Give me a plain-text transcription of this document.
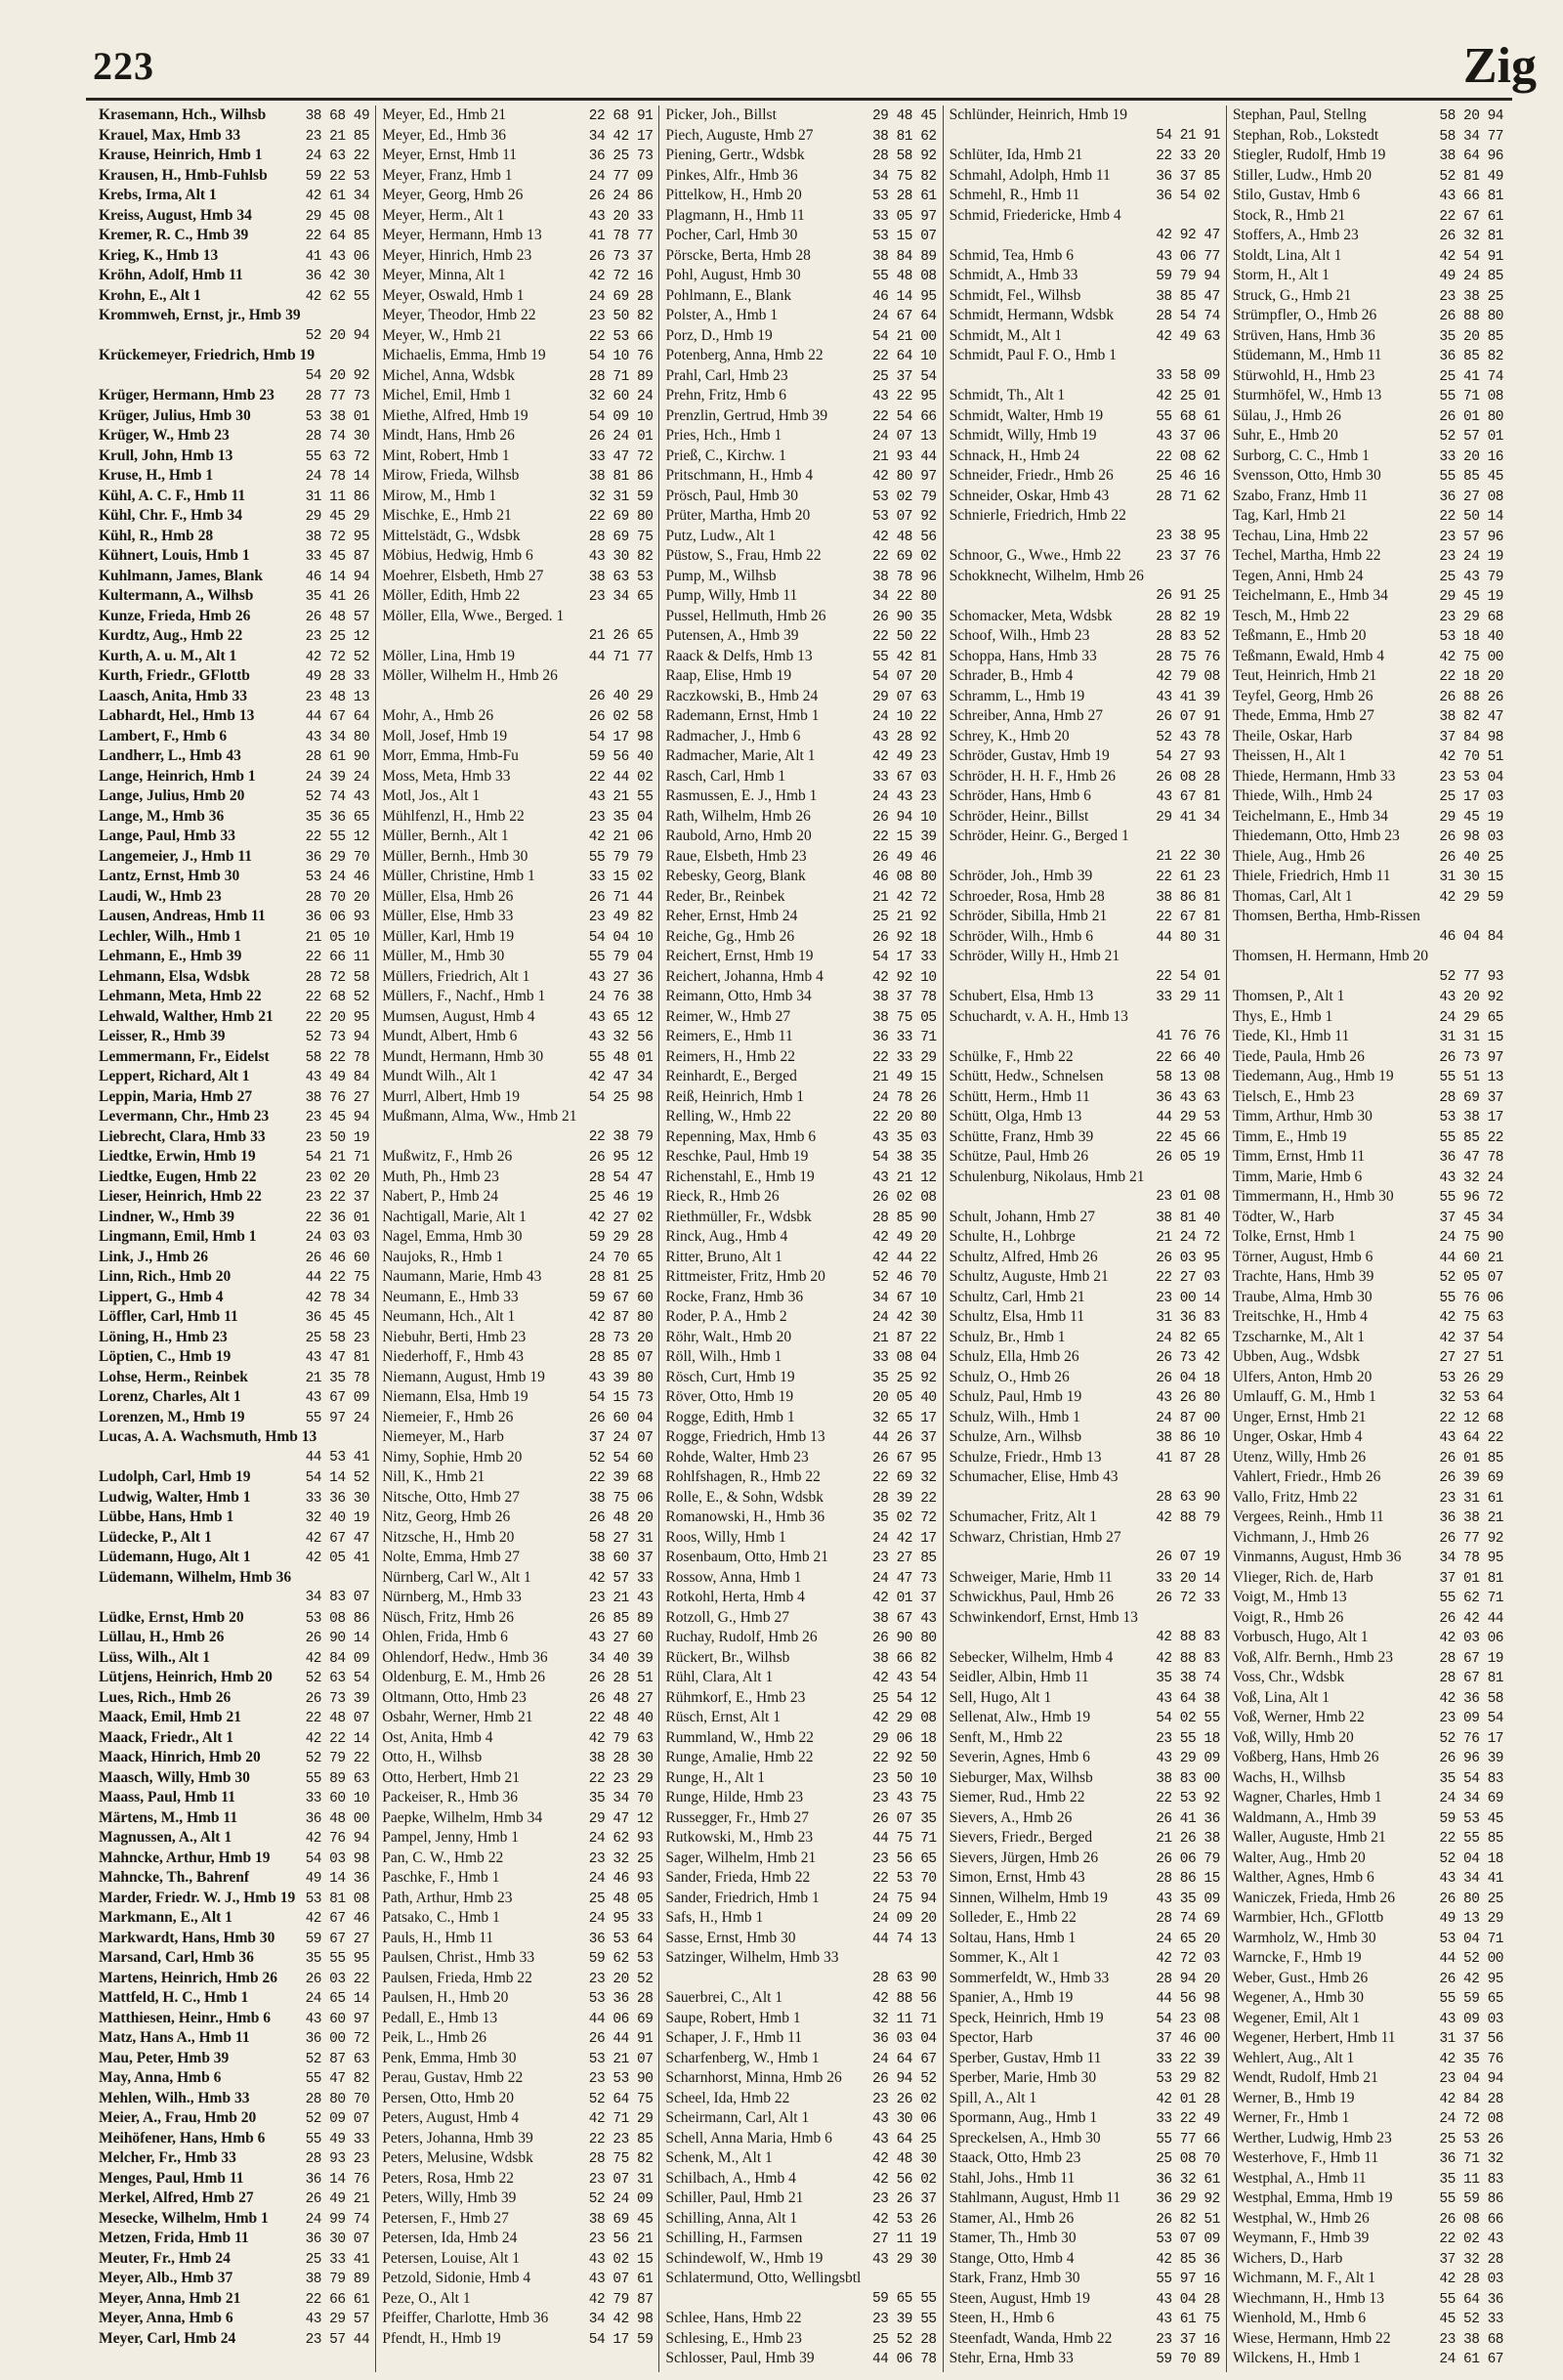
223	Zig
Krasemann, Hch., Wilhsb	38 68 49
Krauel, Max, Hmb 33	23 21 85
Krause, Heinrich, Hmb 1	24 63 22
Krausen, H., Hmb-Fuhlsb	59 22 53
Krebs, Irma, Alt 1	42 61 34
Kreiss, August, Hmb 34	29 45 08
Kremer, R. C., Hmb 39	22 64 85
Krieg, K., Hmb 13	41 43 06
Kröhn, Adolf, Hmb 11	36 42 30
Krohn, E., Alt 1	42 62 55
Krommweh, Ernst, jr., Hmb 39
52 20 94
Krückemeyer, Friedrich, Hmb 19
54 20 92
Krüger, Hermann, Hmb 23	28 77 73
Krüger, Julius, Hmb 30	53 38 01
Krüger, W., Hmb 23	28 74 30
Krull, John, Hmb 13	55 63 72
Kruse, H., Hmb 1	24 78 14
Kühl, A. C. F., Hmb 11	31 11 86
Kühl, Chr. F., Hmb 34	29 45 29
Kühl, R., Hmb 28	38 72 95
Kühnert, Louis, Hmb 1	33 45 87
Kuhlmann, James, Blank	46 14 94
Kultermann, A., Wilhsb	35 41 26
Kunze, Frieda, Hmb 26	26 48 57
Kurdtz, Aug., Hmb 22	23 25 12
Kurth, A. u. M., Alt 1	42 72 52
Kurth, Friedr., GFlottb	49 28 33
Laasch, Anita, Hmb 33	23 48 13
Labhardt, Hel., Hmb 13	44 67 64
Lambert, F., Hmb 6	43 34 80
Landherr, L., Hmb 43	28 61 90
Lange, Heinrich, Hmb 1	24 39 24
Lange, Julius, Hmb 20	52 74 43
Lange, M., Hmb 36	35 36 65
Lange, Paul, Hmb 33	22 55 12
Langemeier, J., Hmb 11	36 29 70
Lantz, Ernst, Hmb 30	53 24 46
Laudi, W., Hmb 23	28 70 20
Lausen, Andreas, Hmb 11	36 06 93
Lechler, Wilh., Hmb 1	21 05 10
Lehmann, E., Hmb 39	22 66 11
Lehmann, Elsa, Wdsbk	28 72 58
Lehmann, Meta, Hmb 22	22 68 52
Lehwald, Walther, Hmb 21	22 20 95
Leisser, R., Hmb 39	52 73 94
Lemmermann, Fr., Eidelst	58 22 78
Leppert, Richard, Alt 1	43 49 84
Leppin, Maria, Hmb 27	38 76 27
Levermann, Chr., Hmb 23	23 45 94
Liebrecht, Clara, Hmb 33	23 50 19
Liedtke, Erwin, Hmb 19	54 21 71
Liedtke, Eugen, Hmb 22	23 02 20
Lieser, Heinrich, Hmb 22	23 22 37
Lindner, W., Hmb 39	22 36 01
Lingmann, Emil, Hmb 1	24 03 03
Link, J., Hmb 26	26 46 60
Linn, Rich., Hmb 20	44 22 75
Lippert, G., Hmb 4	42 78 34
Löffler, Carl, Hmb 11	36 45 45
Löning, H., Hmb 23	25 58 23
Löptien, C., Hmb 19	43 47 81
Lohse, Herm., Reinbek	21 35 78
Lorenz, Charles, Alt 1	43 67 09
Lorenzen, M., Hmb 19	55 97 24
Lucas, A. A. Wachsmuth, Hmb 13
44 53 41
Ludolph, Carl, Hmb 19	54 14 52
Ludwig, Walter, Hmb 1	33 36 30
Lübbe, Hans, Hmb 1	32 40 19
Lüdecke, P., Alt 1	42 67 47
Lüdemann, Hugo, Alt 1	42 05 41
Lüdemann, Wilhelm, Hmb 36
34 83 07
Lüdke, Ernst, Hmb 20	53 08 86
Lüllau, H., Hmb 26	26 90 14
Lüss, Wilh., Alt 1	42 84 09
Lütjens, Heinrich, Hmb 20	52 63 54
Lues, Rich., Hmb 26	26 73 39
Maack, Emil, Hmb 21	22 48 07
Maack, Friedr., Alt 1	42 22 14
Maack, Hinrich, Hmb 20	52 79 22
Maasch, Willy, Hmb 30	55 89 63
Maass, Paul, Hmb 11	33 60 10
Märtens, M., Hmb 11	36 48 00
Magnussen, A., Alt 1	42 76 94
Mahncke, Arthur, Hmb 19	54 03 98
Mahncke, Th., Bahrenf	49 14 36
Marder, Friedr. W. J., Hmb 19 53 81 08
Markmann, E., Alt 1	42 67 46
Markwardt, Hans, Hmb 30	59 67 27
Marsand, Carl, Hmb 36	35 55 95
Martens, Heinrich, Hmb 26	26 03 22
Mattfeld, H. C., Hmb 1	24 65 14
Matthiesen, Heinr., Hmb 6	43 60 97
Matz, Hans A., Hmb 11	36 00 72
Mau, Peter, Hmb 39	52 87 63
May, Anna, Hmb 6	55 47 82
Mehlen, Wilh., Hmb 33	28 80 70
Meier, A., Frau, Hmb 20	52 09 07
Meihöfener, Hans, Hmb 6	55 49 33
Melcher, Fr., Hmb 33	28 93 23
Menges, Paul, Hmb 11	36 14 76
Merkel, Alfred, Hmb 27	26 49 21
Mesecke, Wilhelm, Hmb 1	24 99 74
Metzen, Frida, Hmb 11	36 30 07
Meuter, Fr., Hmb 24	25 33 41
Meyer, Alb., Hmb 37	38 79 89
Meyer, Anna, Hmb 21	22 66 61
Meyer, Anna, Hmb 6	43 29 57
Meyer, Carl, Hmb 24	23 57 44
Meyer, Ed., Hmb 21	22 68 91
Meyer, Ed., Hmb 36	34 42 17
Meyer, Ernst, Hmb 11	36 25 73
Meyer, Franz, Hmb 1	24 77 09
Meyer, Georg, Hmb 26	26 24 86
Meyer, Herm., Alt 1	43 20 33
Meyer, Hermann, Hmb 13	41 78 77
Meyer, Hinrich, Hmb 23	26 73 37
Meyer, Minna, Alt 1	42 72 16
Meyer, Oswald, Hmb 1	24 69 28
Meyer, Theodor, Hmb 22	23 50 82
Meyer, W., Hmb 21	22 53 66
Michaelis, Emma, Hmb 19	54 10 76
Michel, Anna, Wdsbk	28 71 89
Michel, Emil, Hmb 1	32 60 24
Miethe, Alfred, Hmb 19	54 09 10
Mindt, Hans, Hmb 26	26 24 01
Mint, Robert, Hmb 1	33 47 72
Mirow, Frieda, Wilhsb	38 81 86
Mirow, M., Hmb 1	32 31 59
Mischke, E., Hmb 21	22 69 80
Mittelstädt, G., Wdsbk	28 69 75
Möbius, Hedwig, Hmb 6	43 30 82
Moehrer, Elsbeth, Hmb 27	38 63 53
Möller, Edith, Hmb 22	23 34 65
Möller, Ella, Wwe., Berged. 1
21 26 65
Möller, Lina, Hmb 19	44 71 77
Möller, Wilhelm H., Hmb 26
26 40 29
Mohr, A., Hmb 26	26 02 58
Moll, Josef, Hmb 19	54 17 98
Morr, Emma, Hmb-Fu	59 56 40
Moss, Meta, Hmb 33	22 44 02
Motl, Jos., Alt 1	43 21 55
Mühlfenzl, H., Hmb 22	23 35 04
Müller, Bernh., Alt 1	42 21 06
Müller, Bernh., Hmb 30	55 79 79
Müller, Christine, Hmb 1	33 15 02
Müller, Elsa, Hmb 26	26 71 44
Müller, Else, Hmb 33	23 49 82
Müller, Karl, Hmb 19	54 04 10
Müller, M., Hmb 30	55 79 04
Müllers, Friedrich, Alt 1	43 27 36
Müllers, F., Nachf., Hmb 1	24 76 38
Mumsen, August, Hmb 4	43 65 12
Mundt, Albert, Hmb 6	43 32 56
Mundt, Hermann, Hmb 30	55 48 01
Mundt Wilh., Alt 1	42 47 34
Murrl, Albert, Hmb 19	54 25 98
Mußmann, Alma, Ww., Hmb 21
22 38 79
Mußwitz, F., Hmb 26	26 95 12
Muth, Ph., Hmb 23	28 54 47
Nabert, P., Hmb 24	25 46 19
Nachtigall, Marie, Alt 1	42 27 02
Nagel, Emma, Hmb 30	59 29 28
Naujoks, R., Hmb 1	24 70 65
Naumann, Marie, Hmb 43	28 81 25
Neumann, E., Hmb 33	59 67 60
Neumann, Hch., Alt 1	42 87 80
Niebuhr, Berti, Hmb 23	28 73 20
Niederhoff, F., Hmb 43	28 85 07
Niemann, August, Hmb 19	43 39 80
Niemann, Elsa, Hmb 19	54 15 73
Niemeier, F., Hmb 26	26 60 04
Niemeyer, M., Harb	37 24 07
Nimy, Sophie, Hmb 20	52 54 60
Nill, K., Hmb 21	22 39 68
Nitsche, Otto, Hmb 27	38 75 06
Nitz, Georg, Hmb 26	26 48 20
Nitzsche, H., Hmb 20	58 27 31
Nolte, Emma, Hmb 27	38 60 37
Nürnberg, Carl W., Alt 1	42 57 33
Nürnberg, M., Hmb 33	23 21 43
Nüsch, Fritz, Hmb 26	26 85 89
Ohlen, Frida, Hmb 6	43 27 60
Ohlendorf, Hedw., Hmb 36	34 40 39
Oldenburg, E. M., Hmb 26	26 28 51
Oltmann, Otto, Hmb 23	26 48 27
Osbahr, Werner, Hmb 21	22 48 40
Ost, Anita, Hmb 4	42 79 63
Otto, H., Wilhsb	38 28 30
Otto, Herbert, Hmb 21	22 23 29
Packeiser, R., Hmb 36	35 34 70
Paepke, Wilhelm, Hmb 34	29 47 12
Pampel, Jenny, Hmb 1	24 62 93
Pan, C. W., Hmb 22	23 32 25
Paschke, F., Hmb 1	24 46 93
Path, Arthur, Hmb 23	25 48 05
Patsako, C., Hmb 1	24 95 33
Pauls, H., Hmb 11	36 53 64
Paulsen, Christ., Hmb 33	59 62 53
Paulsen, Frieda, Hmb 22	23 20 52
Paulsen, H., Hmb 20	53 36 28
Pedall, E., Hmb 13	44 06 69
Peik, L., Hmb 26	26 44 91
Penk, Emma, Hmb 30	53 21 07
Perau, Gustav, Hmb 22	23 53 90
Persen, Otto, Hmb 20	52 64 75
Peters, August, Hmb 4	42 71 29
Peters, Johanna, Hmb 39	22 23 85
Peters, Melusine, Wdsbk	28 75 82
Peters, Rosa, Hmb 22	23 07 31
Peters, Willy, Hmb 39	52 24 09
Petersen, F., Hmb 27	38 69 45
Petersen, Ida, Hmb 24	23 56 21
Petersen, Louise, Alt 1	43 02 15
Petzold, Sidonie, Hmb 4	43 07 61
Peze, O., Alt 1	42 79 87
Pfeiffer, Charlotte, Hmb 36	34 42 98
Pfendt, H., Hmb 19	54 17 59
Picker, Joh., Billst	29 48 45
Piech, Auguste, Hmb 27	38 81 62
Piening, Gertr., Wdsbk	28 58 92
Pinkes, Alfr., Hmb 36	34 75 82
Pittelkow, H., Hmb 20	53 28 61
Plagmann, H., Hmb 11	33 05 97
Pocher, Carl, Hmb 30	53 15 07
Pörscke, Berta, Hmb 28	38 84 89
Pohl, August, Hmb 30	55 48 08
Pohlmann, E., Blank	46 14 95
Polster, A., Hmb 1	24 67 64
Porz, D., Hmb 19	54 21 00
Potenberg, Anna, Hmb 22	22 64 10
Prahl, Carl, Hmb 23	25 37 54
Prehn, Fritz, Hmb 6	43 22 95
Prenzlin, Gertrud, Hmb 39	22 54 66
Pries, Hch., Hmb 1	24 07 13
Prieß, C., Kirchw. 1	21 93 44
Pritschmann, H., Hmb 4	42 80 97
Prösch, Paul, Hmb 30	53 02 79
Prüter, Martha, Hmb 20	53 07 92
Putz, Ludw., Alt 1	42 48 56
Püstow, S., Frau, Hmb 22	22 69 02
Pump, M., Wilhsb	38 78 96
Pump, Willy, Hmb 11	34 22 80
Pussel, Hellmuth, Hmb 26	26 90 35
Putensen, A., Hmb 39	22 50 22
Raack & Delfs, Hmb 13	55 42 81
Raap, Elise, Hmb 19	54 07 20
Raczkowski, B., Hmb 24	29 07 63
Rademann, Ernst, Hmb 1	24 10 22
Radmacher, J., Hmb 6	43 28 92
Radmacher, Marie, Alt 1	42 49 23
Rasch, Carl, Hmb 1	33 67 03
Rasmussen, E. J., Hmb 1	24 43 23
Rath, Wilhelm, Hmb 26	26 94 10
Raubold, Arno, Hmb 20	22 15 39
Raue, Elsbeth, Hmb 23	26 49 46
Rebesky, Georg, Blank	46 08 80
Reder, Br., Reinbek	21 42 72
Reher, Ernst, Hmb 24	25 21 92
Reiche, Gg., Hmb 26	26 92 18
Reichert, Ernst, Hmb 19	54 17 33
Reichert, Johanna, Hmb 4	42 92 10
Reimann, Otto, Hmb 34	38 37 78
Reimer, W., Hmb 27	38 75 05
Reimers, E., Hmb 11	36 33 71
Reimers, H., Hmb 22	22 33 29
Reinhardt, E., Berged	21 49 15
Reiß, Heinrich, Hmb 1	24 78 26
Relling, W., Hmb 22	22 20 80
Repenning, Max, Hmb 6	43 35 03
Reschke, Paul, Hmb 19	54 38 35
Richenstahl, E., Hmb 19	43 21 12
Rieck, R., Hmb 26	26 02 08
Riethmüller, Fr., Wdsbk	28 85 90
Rinck, Aug., Hmb 4	42 49 20
Ritter, Bruno, Alt 1	42 44 22
Rittmeister, Fritz, Hmb 20	52 46 70
Rocke, Franz, Hmb 36	34 67 10
Roder, P. A., Hmb 2	24 42 30
Röhr, Walt., Hmb 20	21 87 22
Röll, Wilh., Hmb 1	33 08 04
Rösch, Curt, Hmb 19	35 25 92
Röver, Otto, Hmb 19	20 05 40
Rogge, Edith, Hmb 1	32 65 17
Rogge, Friedrich, Hmb 13	44 26 37
Rohde, Walter, Hmb 23	26 67 95
Rohlfshagen, R., Hmb 22	22 69 32
Rolle, E., & Sohn, Wdsbk	28 39 22
Romanowski, H., Hmb 36	35 02 72
Roos, Willy, Hmb 1	24 42 17
Rosenbaum, Otto, Hmb 21	23 27 85
Rossow, Anna, Hmb 1	24 47 73
Rotkohl, Herta, Hmb 4	42 01 37
Rotzoll, G., Hmb 27	38 67 43
Ruchay, Rudolf, Hmb 26	26 90 80
Rückert, Br., Wilhsb	38 66 82
Rühl, Clara, Alt 1	42 43 54
Rühmkorf, E., Hmb 23	25 54 12
Rüsch, Ernst, Alt 1	42 29 08
Rummland, W., Hmb 22	29 06 18
Runge, Amalie, Hmb 22	22 92 50
Runge, H., Alt 1	23 50 10
Runge, Hilde, Hmb 23	23 43 75
Russegger, Fr., Hmb 27	26 07 35
Rutkowski, M., Hmb 23	44 75 71
Sager, Wilhelm, Hmb 21	23 56 65
Sander, Frieda, Hmb 22	22 53 70
Sander, Friedrich, Hmb 1	24 75 94
Safs, H., Hmb 1	24 09 20
Sasse, Ernst, Hmb 30	44 74 13
Satzinger, Wilhelm, Hmb 33
28 63 90
Sauerbrei, C., Alt 1	42 88 56
Saupe, Robert, Hmb 1	32 11 71
Schaper, J. F., Hmb 11	36 03 04
Scharfenberg, W., Hmb 1	24 64 67
Scharnhorst, Minna, Hmb 26	26 94 52
Scheel, Ida, Hmb 22	23 26 02
Scheirmann, Carl, Alt 1	43 30 06
Schell, Anna Maria, Hmb 6	43 64 25
Schenk, M., Alt 1	42 48 30
Schilbach, A., Hmb 4	42 56 02
Schiller, Paul, Hmb 21	23 26 37
Schilling, Anna, Alt 1	42 53 26
Schilling, H., Farmsen	27 11 19
Schindewolf, W., Hmb 19	43 29 30
Schlatermund, Otto, Wellingsbtl
59 65 55
Schlee, Hans, Hmb 22	23 39 55
Schlesing, E., Hmb 23	25 52 28
Schlosser, Paul, Hmb 39	44 06 78
Schlünder, Heinrich, Hmb 19
54 21 91
Schlüter, Ida, Hmb 21	22 33 20
Schmahl, Adolph, Hmb 11	36 37 85
Schmehl, R., Hmb 11	36 54 02
Schmid, Friedericke, Hmb 4
42 92 47
Schmid, Tea, Hmb 6	43 06 77
Schmidt, A., Hmb 33	59 79 94
Schmidt, Fel., Wilhsb	38 85 47
Schmidt, Hermann, Wdsbk	28 54 74
Schmidt, M., Alt 1	42 49 63
Schmidt, Paul F. O., Hmb 1
33 58 09
Schmidt, Th., Alt 1	42 25 01
Schmidt, Walter, Hmb 19	55 68 61
Schmidt, Willy, Hmb 19	43 37 06
Schnack, H., Hmb 24	22 08 62
Schneider, Friedr., Hmb 26	25 46 16
Schneider, Oskar, Hmb 43	28 71 62
Schnierle, Friedrich, Hmb 22
23 38 95
Schnoor, G., Wwe., Hmb 22	23 37 76
Schokknecht, Wilhelm, Hmb 26
26 91 25
Schomacker, Meta, Wdsbk	28 82 19
Schoof, Wilh., Hmb 23	28 83 52
Schoppa, Hans, Hmb 33	28 75 76
Schrader, B., Hmb 4	42 79 08
Schramm, L., Hmb 19	43 41 39
Schreiber, Anna, Hmb 27	26 07 91
Schrey, K., Hmb 20	52 43 78
Schröder, Gustav, Hmb 19	54 27 93
Schröder, H. H. F., Hmb 26	26 08 28
Schröder, Hans, Hmb 6	43 67 81
Schröder, Heinr., Billst	29 41 34
Schröder, Heinr. G., Berged 1
21 22 30
Schröder, Joh., Hmb 39	22 61 23
Schroeder, Rosa, Hmb 28	38 86 81
Schröder, Sibilla, Hmb 21	22 67 81
Schröder, Wilh., Hmb 6	44 80 31
Schröder, Willy H., Hmb 21
22 54 01
Schubert, Elsa, Hmb 13	33 29 11
Schuchardt, v. A. H., Hmb 13
41 76 76
Schülke, F., Hmb 22	22 66 40
Schütt, Hedw., Schnelsen	58 13 08
Schütt, Herm., Hmb 11	36 43 63
Schütt, Olga, Hmb 13	44 29 53
Schütte, Franz, Hmb 39	22 45 66
Schütze, Paul, Hmb 26	26 05 19
Schulenburg, Nikolaus, Hmb 21
23 01 08
Schult, Johann, Hmb 27	38 81 40
Schulte, H., Lohbrge	21 24 72
Schultz, Alfred, Hmb 26	26 03 95
Schultz, Auguste, Hmb 21	22 27 03
Schultz, Carl, Hmb 21	23 00 14
Schultz, Elsa, Hmb 11	31 36 83
Schulz, Br., Hmb 1	24 82 65
Schulz, Ella, Hmb 26	26 73 42
Schulz, O., Hmb 26	26 04 18
Schulz, Paul, Hmb 19	43 26 80
Schulz, Wilh., Hmb 1	24 87 00
Schulze, Arn., Wilhsb	38 86 10
Schulze, Friedr., Hmb 13	41 87 28
Schumacher, Elise, Hmb 43
28 63 90
Schumacher, Fritz, Alt 1	42 88 79
Schwarz, Christian, Hmb 27
26 07 19
Schweiger, Marie, Hmb 11	33 20 14
Schwickhus, Paul, Hmb 26	26 72 33
Schwinkendorf, Ernst, Hmb 13
42 88 83
Sebecker, Wilhelm, Hmb 4	42 88 83
Seidler, Albin, Hmb 11	35 38 74
Sell, Hugo, Alt 1	43 64 38
Sellenat, Alw., Hmb 19	54 02 55
Senft, M., Hmb 22	23 55 18
Severin, Agnes, Hmb 6	43 29 09
Sieburger, Max, Wilhsb	38 83 00
Siemer, Rud., Hmb 22	22 53 92
Sievers, A., Hmb 26	26 41 36
Sievers, Friedr., Berged	21 26 38
Sievers, Jürgen, Hmb 26	26 06 79
Simon, Ernst, Hmb 43	28 86 15
Sinnen, Wilhelm, Hmb 19	43 35 09
Solleder, E., Hmb 22	28 74 69
Soltau, Hans, Hmb 1	24 65 20
Sommer, K., Alt 1	42 72 03
Sommerfeldt, W., Hmb 33	28 94 20
Spanier, A., Hmb 19	44 56 98
Speck, Heinrich, Hmb 19	54 23 08
Spector, Harb	37 46 00
Sperber, Gustav, Hmb 11	33 22 39
Sperber, Marie, Hmb 30	53 29 82
Spill, A., Alt 1	42 01 28
Spormann, Aug., Hmb 1	33 22 49
Spreckelsen, A., Hmb 30	55 77 66
Staack, Otto, Hmb 23	25 08 70
Stahl, Johs., Hmb 11	36 32 61
Stahlmann, August, Hmb 11	36 29 92
Stamer, Al., Hmb 26	26 82 51
Stamer, Th., Hmb 30	53 07 09
Stange, Otto, Hmb 4	42 85 36
Stark, Franz, Hmb 30	55 97 16
Steen, August, Hmb 19	43 04 28
Steen, H., Hmb 6	43 61 75
Steenfadt, Wanda, Hmb 22	23 37 16
Stehr, Erna, Hmb 33	59 70 89
Stephan, Paul, Stellng	58 20 94
Stephan, Rob., Lokstedt	58 34 77
Stiegler, Rudolf, Hmb 19	38 64 96
Stiller, Ludw., Hmb 20	52 81 49
Stilo, Gustav, Hmb 6	43 66 81
Stock, R., Hmb 21	22 67 61
Stoffers, A., Hmb 23	26 32 81
Stoldt, Lina, Alt 1	42 54 91
Storm, H., Alt 1	49 24 85
Struck, G., Hmb 21	23 38 25
Strümpfler, O., Hmb 26	26 88 80
Strüven, Hans, Hmb 36	35 20 85
Stüdemann, M., Hmb 11	36 85 82
Stürwohld, H., Hmb 23	25 41 74
Sturmhöfel, W., Hmb 13	55 71 08
Sülau, J., Hmb 26	26 01 80
Suhr, E., Hmb 20	52 57 01
Surborg, C. C., Hmb 1	33 20 16
Svensson, Otto, Hmb 30	55 85 45
Szabo, Franz, Hmb 11	36 27 08
Tag, Karl, Hmb 21	22 50 14
Techau, Lina, Hmb 22	23 57 96
Techel, Martha, Hmb 22	23 24 19
Tegen, Anni, Hmb 24	25 43 79
Teichelmann, E., Hmb 34	29 45 19
Tesch, M., Hmb 22	23 29 68
Teßmann, E., Hmb 20	53 18 40
Teßmann, Ewald, Hmb 4	42 75 00
Teut, Heinrich, Hmb 21	22 18 20
Teyfel, Georg, Hmb 26	26 88 26
Thede, Emma, Hmb 27	38 82 47
Theile, Oskar, Harb	37 84 98
Theissen, H., Alt 1	42 70 51
Thiede, Hermann, Hmb 33	23 53 04
Thiede, Wilh., Hmb 24	25 17 03
Teichelmann, E., Hmb 34	29 45 19
Thiedemann, Otto, Hmb 23	26 98 03
Thiele, Aug., Hmb 26	26 40 25
Thiele, Friedrich, Hmb 11	31 30 15
Thomas, Carl, Alt 1	42 29 59
Thomsen, Bertha, Hmb-Rissen
46 04 84
Thomsen, H. Hermann, Hmb 20
52 77 93
Thomsen, P., Alt 1	43 20 92
Thys, E., Hmb 1	24 29 65
Tiede, Kl., Hmb 11	31 31 15
Tiede, Paula, Hmb 26	26 73 97
Tiedemann, Aug., Hmb 19	55 51 13
Tielsch, E., Hmb 23	28 69 37
Timm, Arthur, Hmb 30	53 38 17
Timm, E., Hmb 19	55 85 22
Timm, Ernst, Hmb 11	36 47 78
Timm, Marie, Hmb 6	43 32 24
Timmermann, H., Hmb 30	55 96 72
Tödter, W., Harb	37 45 34
Tolke, Ernst, Hmb 1	24 75 90
Törner, August, Hmb 6	44 60 21
Trachte, Hans, Hmb 39	52 05 07
Traube, Alma, Hmb 30	55 76 06
Treitschke, H., Hmb 4	42 75 63
Tzscharnke, M., Alt 1	42 37 54
Ubben, Aug., Wdsbk	27 27 51
Ulfers, Anton, Hmb 20	53 26 29
Umlauff, G. M., Hmb 1	32 53 64
Unger, Ernst, Hmb 21	22 12 68
Unger, Oskar, Hmb 4	43 64 22
Utenz, Willy, Hmb 26	26 01 85
Vahlert, Friedr., Hmb 26	26 39 69
Vallo, Fritz, Hmb 22	23 31 61
Vergees, Reinh., Hmb 11	36 38 21
Vichmann, J., Hmb 26	26 77 92
Vinmanns, August, Hmb 36	34 78 95
Vlieger, Rich. de, Harb	37 01 81
Voigt, M., Hmb 13	55 62 71
Voigt, R., Hmb 26	26 42 44
Vorbusch, Hugo, Alt 1	42 03 06
Voß, Alfr. Bernh., Hmb 23	28 67 19
Voss, Chr., Wdsbk	28 67 81
Voß, Lina, Alt 1	42 36 58
Voß, Werner, Hmb 22	23 09 54
Voß, Willy, Hmb 20	52 76 17
Voßberg, Hans, Hmb 26	26 96 39
Wachs, H., Wilhsb	35 54 83
Wagner, Charles, Hmb 1	24 34 69
Waldmann, A., Hmb 39	59 53 45
Waller, Auguste, Hmb 21	22 55 85
Walter, Aug., Hmb 20	52 04 18
Walther, Agnes, Hmb 6	43 34 41
Waniczek, Frieda, Hmb 26	26 80 25
Warmbier, Hch., GFlottb	49 13 29
Warmholz, W., Hmb 30	53 04 71
Warncke, F., Hmb 19	44 52 00
Weber, Gust., Hmb 26	26 42 95
Wegener, A., Hmb 30	55 59 65
Wegener, Emil, Alt 1	43 09 03
Wegener, Herbert, Hmb 11	31 37 56
Wehlert, Aug., Alt 1	42 35 76
Wendt, Rudolf, Hmb 21	23 04 94
Werner, B., Hmb 19	42 84 28
Werner, Fr., Hmb 1	24 72 08
Werther, Ludwig, Hmb 23	25 53 26
Westerhove, F., Hmb 11	36 71 32
Westphal, A., Hmb 11	35 11 83
Westphal, Emma, Hmb 19	55 59 86
Westphal, W., Hmb 26	26 08 66
Weymann, F., Hmb 39	22 02 43
Wichers, D., Harb	37 32 28
Wichmann, M. F., Alt 1	42 28 03
Wiechmann, H., Hmb 13	55 64 36
Wienhold, M., Hmb 6	45 52 33
Wiese, Hermann, Hmb 22	23 38 68
Wilckens, H., Hmb 1	24 61 67
